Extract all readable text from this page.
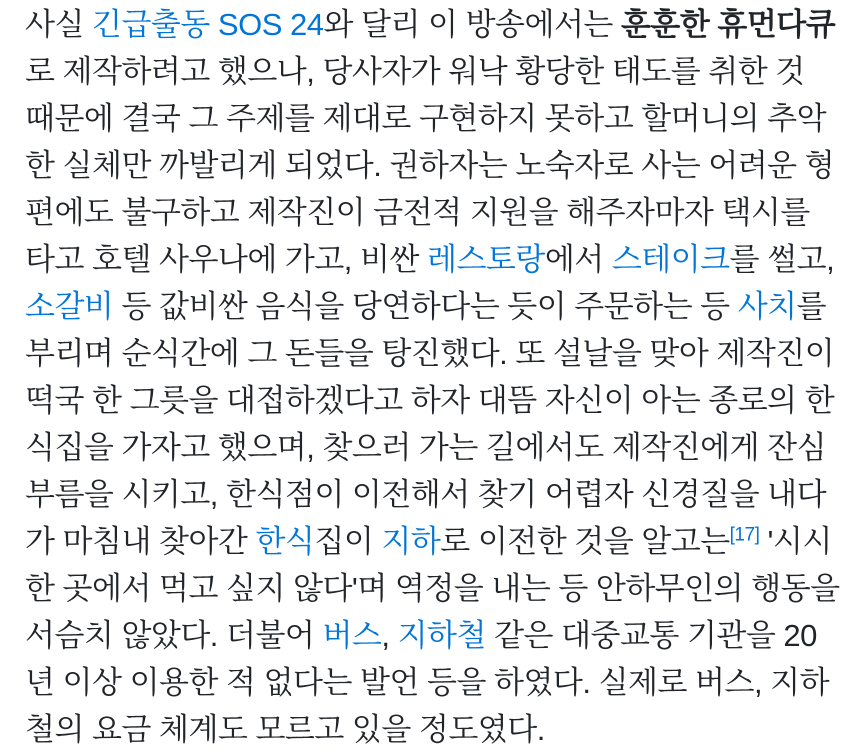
사실 긴급출동 SOS 24와 달리 이 방송에서는 훈훈한 휴먼다큐로 제작하려고 했으나, 당사자가 워낙 황당한 태도를 취한 것 때문에 결국 그 주제를 제대로 구현하지 못하고 할머니의 추악한 실체만 까발리게 되었다. 권하자는 노숙자로 사는 어려운 형편에도 불구하고 제작진이 금전적 지원을 해주자마자 택시를 타고 호텔 사우나에 가고, 비싼 레스토랑에서 스테이크를 썰고, 소갈비 등 값비싼 음식을 당연하다는 듯이 주문하는 등 사치를 부리며 순식간에 그 돈들을 탕진했다. 또 설날을 맞아 제작진이 떡국 한 그릇을 대접하겠다고 하자 대뜸 자신이 아는 종로의 한식집을 가자고 했으며, 찾으러 가는 길에서도 제작진에게 잔심부름을 시키고, 한식점이 이전해서 찾기 어렵자 신경질을 내다가 마침내 찾아간 한식집이 지하로 이전한 것을 알고는[17] '시시한 곳에서 먹고 싶지 않다'며 역정을 내는 등 안하무인의 행동을 서슴치 않았다. 더불어 버스, 지하철 같은 대중교통 기관을 20년 이상 이용한 적 없다는 발언 등을 하였다. 실제로 버스, 지하철의 요금 체계도 모르고 있을 정도였다.
